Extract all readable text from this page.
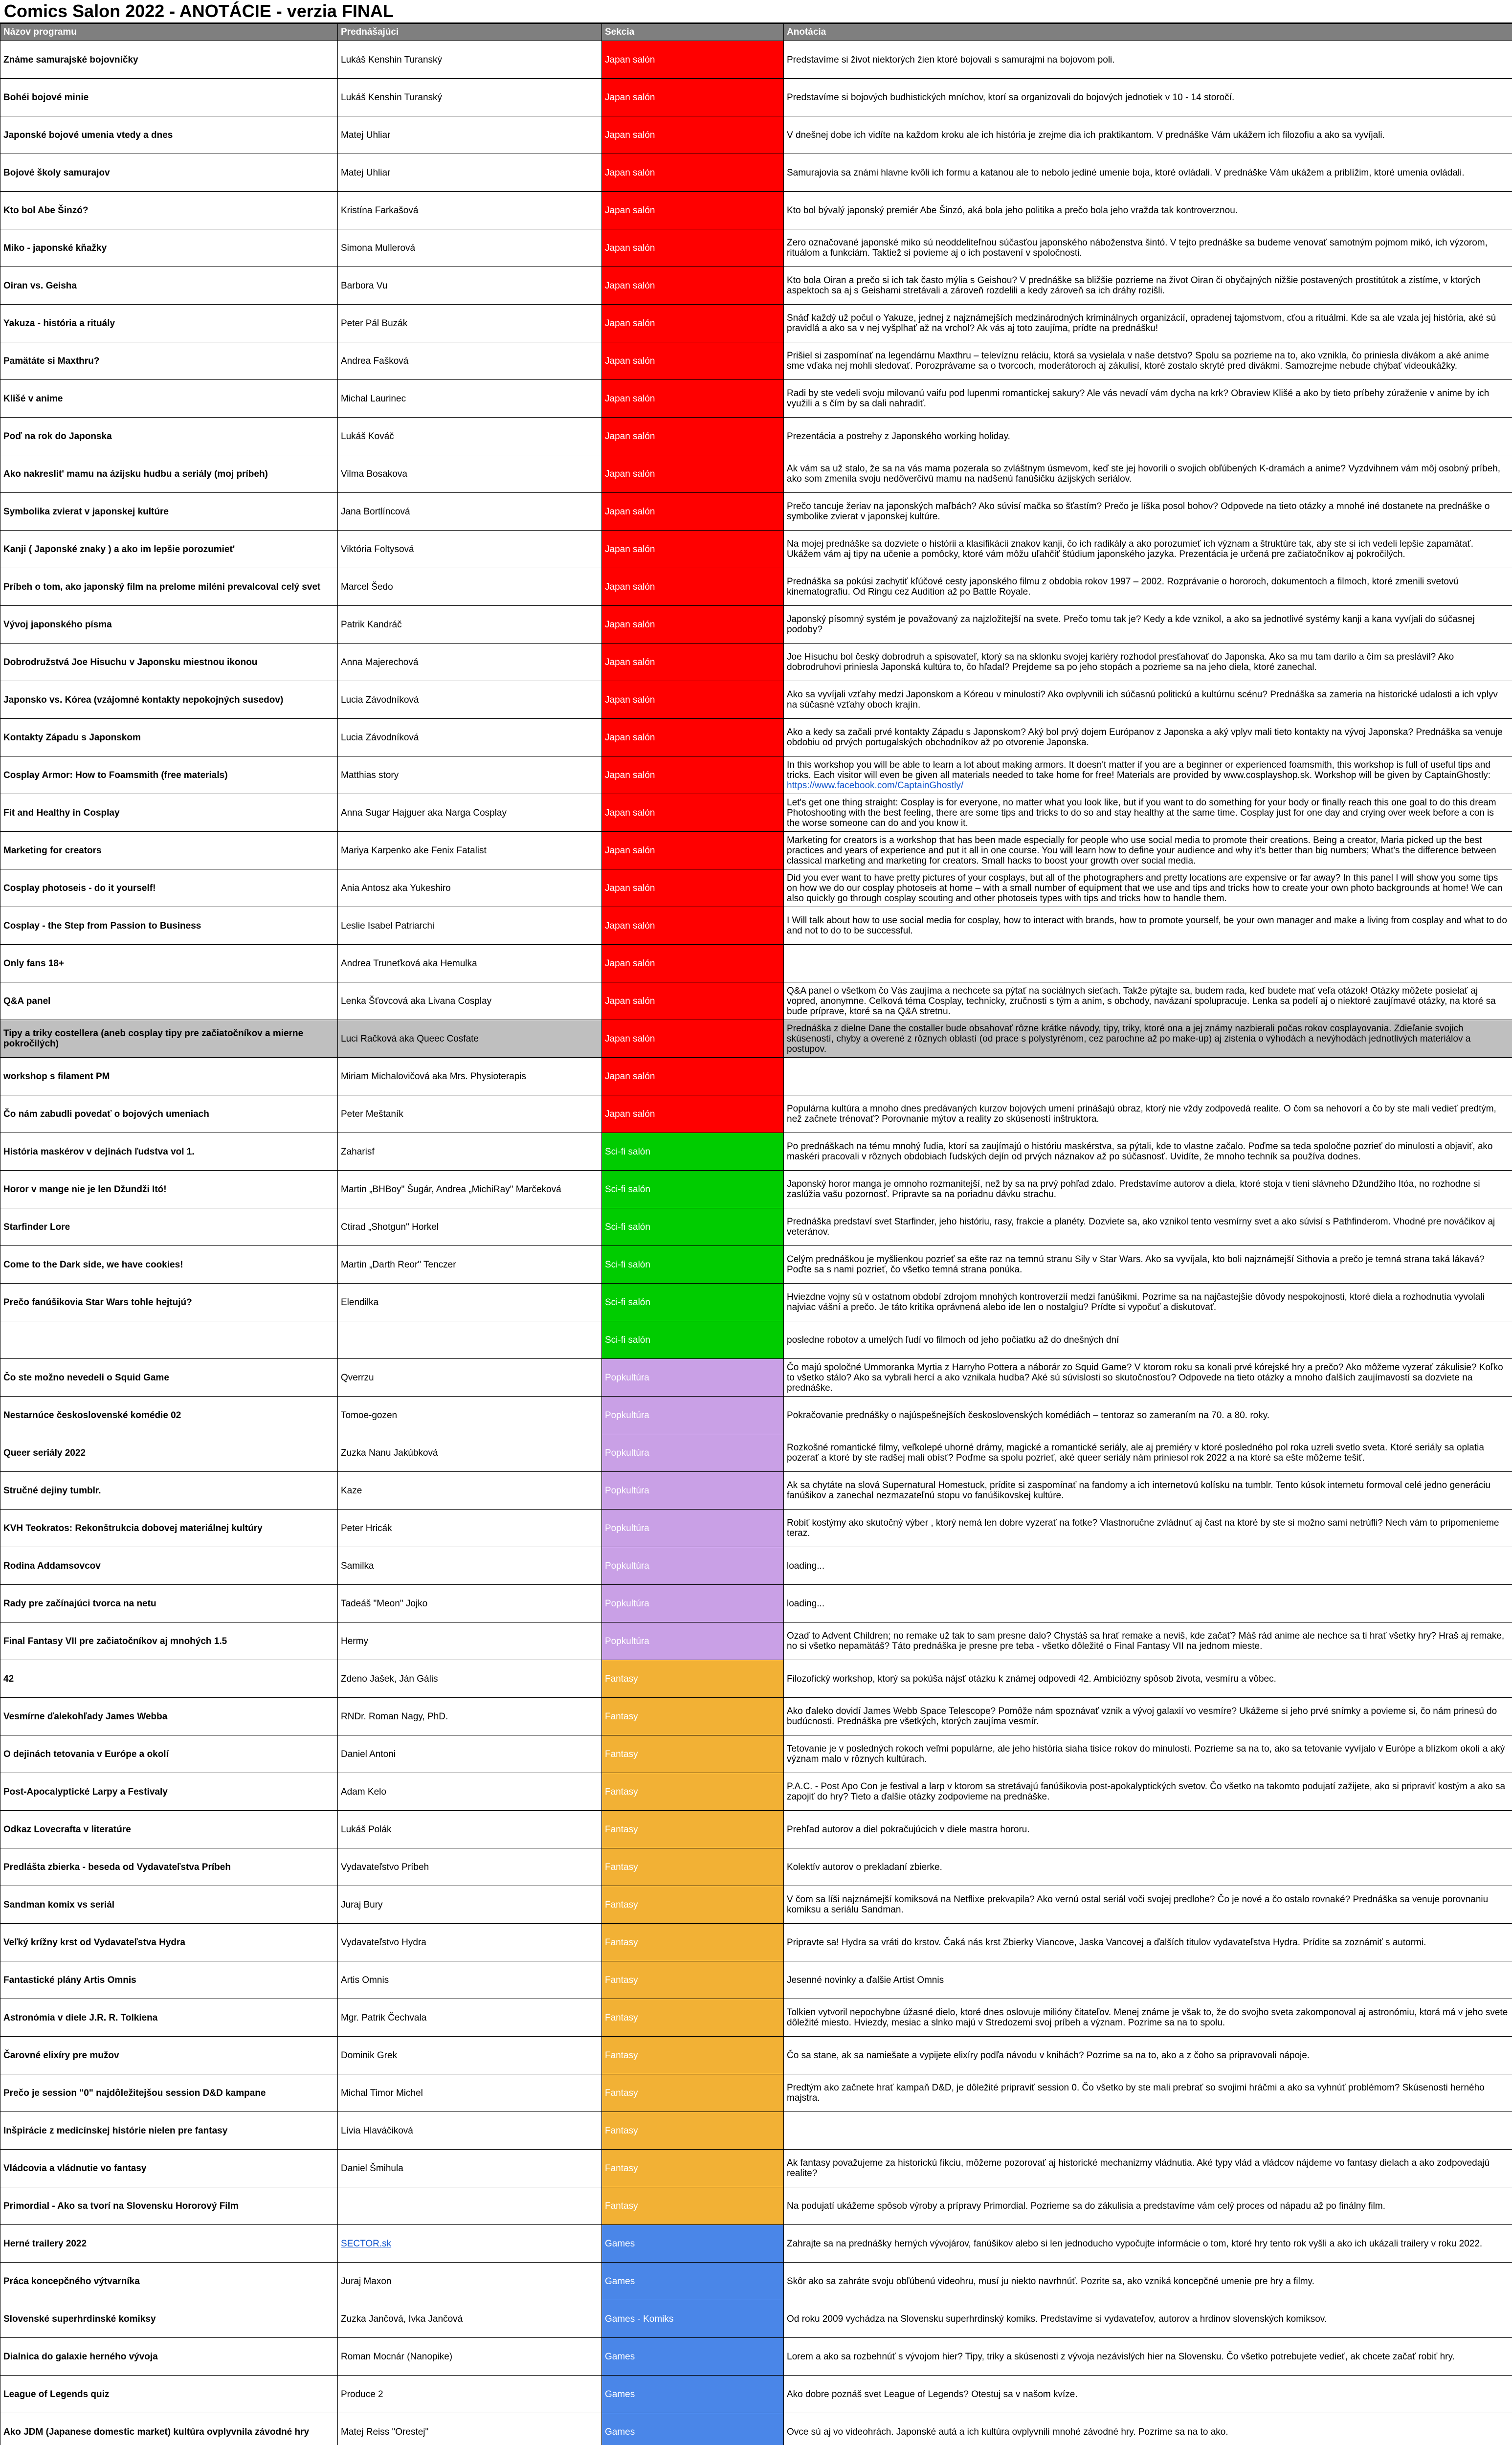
Comics Salon 2022 - ANOTÁCIE - verzia FINAL
Názov programu	Prednášajúci	Sekcia	Anotácia
Známe samurajské bojovníčky	Lukáš Kenshin Turanský	Japan salón	Predstavíme si život niektorých žien ktoré bojovali s samurajmi na bojovom poli.
Bohéi bojové minie	Lukáš Kenshin Turanský	Japan salón	Predstavíme si bojových budhistických mníchov, ktorí sa organizovali do bojových jednotiek v 10 - 14 storočí.
Japonské bojové umenia vtedy a dnes	Matej Uhliar	Japan salón	V dnešnej dobe ich vidíte na každom kroku ale ich história je zrejme dia ich praktikantom. V prednáške Vám ukážem ich filozofiu a ako sa vyvíjali.
Bojové školy samurajov	Matej Uhliar	Japan salón	Samurajovia sa známi hlavne kvôli ich formu a katanou ale to nebolo jediné umenie boja, ktoré ovládali. V prednáške Vám ukážem a priblížim, ktoré umenia ovládali.
Kto bol Abe Šinzó?	Kristína Farkašová	Japan salón	Kto bol bývalý japonský premiér Abe Šinzó, aká bola jeho politika a prečo bola jeho vražda tak kontroverznou.
Miko - japonské kňažky	Simona Mullerová	Japan salón	Zero označované japonské miko sú neoddeliteľnou súčasťou japonského náboženstva šintó. V tejto prednáške sa budeme venovať samotným pojmom mikó, ich výzorom, rituálom a funkciám. Taktiež si povieme aj o ich postavení v spoločnosti.
Oiran vs. Geisha	Barbora Vu	Japan salón	Kto bola Oiran a prečo si ich tak často mýlia s Geishou? V prednáške sa bližšie pozrieme na život Oiran či obyčajných nižšie postavených prostitútok a zistíme, v ktorých aspektoch sa aj s Geishami stretávali a zároveň rozdelili a kedy zároveň sa ich dráhy rozišli.
Yakuza - história a rituály	Peter Pál Buzák	Japan salón	Snáď každý už počul o Yakuze, jednej z najznámejších medzinárodných kriminálnych organizácií, opradenej tajomstvom, cťou a rituálmi. Kde sa ale vzala jej história, aké sú pravidlá a ako sa v nej vyšplhať až na vrchol? Ak vás aj toto zaujíma, prídte na prednášku!
Pamätáte si Maxthru?	Andrea Fašková	Japan salón	Prišiel si zaspomínať na legendárnu Maxthru – televíznu reláciu, ktorá sa vysielala v naše detstvo? Spolu sa pozrieme na to, ako vznikla, čo priniesla divákom a aké anime sme vďaka nej mohli sledovať. Porozprávame sa o tvorcoch, moderátoroch aj zákulisí, ktoré zostalo skryté pred divákmi. Samozrejme nebude chýbať videoukážky.
Klišé v anime	Michal Laurinec	Japan salón	Radi by ste vedeli svoju milovanú vaifu pod lupenmi romantickej sakury? Ale vás nevadí vám dycha na krk? Obraview Klišé a ako by tieto príbehy zúraženie v anime by ich využili a s čím by sa dali nahradiť.
Poď na rok do Japonska	Lukáš Kováč	Japan salón	Prezentácia a postrehy z Japonského working holiday.
Ako nakreslit' mamu na ázijsku hudbu a seriály (moj príbeh)	Vilma Bosakova	Japan salón	Ak vám sa už stalo, že sa na vás mama pozerala so zvláštnym úsmevom, keď ste jej hovorili o svojich obľúbených K-dramách a anime? Vyzdvihnem vám môj osobný príbeh, ako som zmenila svoju nedôverčivú mamu na nadšenú fanúšičku ázijských seriálov.
Symbolika zvierat v japonskej kultúre	Jana Bortlíncová	Japan salón	Prečo tancuje žeriav na japonských maľbách? Ako súvisí mačka so šťastím? Prečo je líška posol bohov? Odpovede na tieto otázky a mnohé iné dostanete na prednáške o symbolike zvierat v japonskej kultúre.
Kanji ( Japonské znaky ) a ako im lepšie porozumiet'	Viktória Foltysová	Japan salón	Na mojej prednáške sa dozviete o histórii a klasifikácii znakov kanji, čo ich radikály a ako porozumieť ich význam a štruktúre tak, aby ste si ich vedeli lepšie zapamätať. Ukážem vám aj tipy na učenie a pomôcky, ktoré vám môžu uľahčiť štúdium japonského jazyka. Prezentácia je určená pre začiatočníkov aj pokročilých.
Príbeh o tom, ako japonský film na prelome miléni prevalcoval celý svet	Marcel Šedo	Japan salón	Prednáška sa pokúsi zachytiť kľúčové cesty japonského filmu z obdobia rokov 1997 – 2002. Rozprávanie o hororoch, dokumentoch a filmoch, ktoré zmenili svetovú kinematografiu. Od Ringu cez Audition až po Battle Royale.
Vývoj japonského písma	Patrik Kandráč	Japan salón	Japonský písomný systém je považovaný za najzložitejší na svete. Prečo tomu tak je? Kedy a kde vznikol, a ako sa jednotlivé systémy kanji a kana vyvíjali do súčasnej podoby?
Dobrodružstvá Joe Hisuchu v Japonsku miestnou ikonou	Anna Majerechová	Japan salón	Joe Hisuchu bol český dobrodruh a spisovateľ, ktorý sa na sklonku svojej kariéry rozhodol presťahovať do Japonska. Ako sa mu tam darilo a čím sa preslávil? Ako dobrodruhovi priniesla Japonská kultúra to, čo hľadal? Prejdeme sa po jeho stopách a pozrieme sa na jeho diela, ktoré zanechal.
Japonsko vs. Kórea (vzájomné kontakty nepokojných susedov)	Lucia Závodníková	Japan salón	Ako sa vyvíjali vzťahy medzi Japonskom a Kóreou v minulosti? Ako ovplyvnili ich súčasnú politickú a kultúrnu scénu? Prednáška sa zameria na historické udalosti a ich vplyv na súčasné vzťahy oboch krajín.
Kontakty Západu s Japonskom	Lucia Závodníková	Japan salón	Ako a kedy sa začali prvé kontakty Západu s Japonskom? Aký bol prvý dojem Európanov z Japonska a aký vplyv mali tieto kontakty na vývoj Japonska? Prednáška sa venuje obdobiu od prvých portugalských obchodníkov až po otvorenie Japonska.
Cosplay Armor: How to Foamsmith (free materials)	Matthias story	Japan salón	In this workshop you will be able to learn a lot about making armors. It doesn't matter if you are a beginner or experienced foamsmith, this workshop is full of useful tips and tricks. Each visitor will even be given all materials needed to take home for free! Materials are provided by www.cosplayshop.sk. Workshop will be given by CaptainGhostly: https://www.facebook.com/CaptainGhostly/
Fit and Healthy in Cosplay	Anna Sugar Hajguer aka Narga Cosplay	Japan salón	Let's get one thing straight: Cosplay is for everyone, no matter what you look like, but if you want to do something for your body or finally reach this one goal to do this dream Photoshooting with the best feeling, there are some tips and tricks to do so and stay healthy at the same time. Cosplay just for one day and crying over week before a con is the worse someone can do and you know it.
Marketing for creators	Mariya Karpenko ake Fenix Fatalist	Japan salón	Marketing for creators is a workshop that has been made especially for people who use social media to promote their creations. Being a creator, Maria picked up the best practices and years of experience and put it all in one course. You will learn how to define your audience and why it's better than big numbers; What's the difference between classical marketing and marketing for creators. Small hacks to boost your growth over social media.
Cosplay photoseis - do it yourself!	Ania Antosz aka Yukeshiro	Japan salón	Did you ever want to have pretty pictures of your cosplays, but all of the photographers and pretty locations are expensive or far away? In this panel I will show you some tips on how we do our cosplay photoseis at home – with a small number of equipment that we use and tips and tricks how to create your own photo backgrounds at home! We can also quickly go through cosplay scouting and other photoseis types with tips and tricks how to handle them.
Cosplay - the Step from Passion to Business	Leslie Isabel Patriarchi	Japan salón	I Will talk about how to use social media for cosplay, how to interact with brands, how to promote yourself, be your own manager and make a living from cosplay and what to do and not to do to be successful.
Only fans 18+	Andrea Truneťková aka Hemulka	Japan salón	
Q&A panel	Lenka Šťovcová aka Livana Cosplay	Japan salón	Q&A panel o všetkom čo Vás zaujíma a nechcete sa pýtať na sociálnych sieťach. Takže pýtajte sa, budem rada, keď budete mať veľa otázok! Otázky môžete posielať aj vopred, anonymne. Celková téma Cosplay, technicky, zručnosti s tým a anim, s obchody, navázaní spolupracuje. Lenka sa podelí aj o niektoré zaujímavé otázky, na ktoré sa bude príprave, ktoré sa na Q&A stretnu.
Tipy a triky costellera (aneb cosplay tipy pre začiatočníkov a mierne pokročilých)	Luci Račková aka Queec Cosfate	Japan salón	Prednáška z dielne Dane the costaller bude obsahovať rôzne krátke návody, tipy, triky, ktoré ona a jej známy nazbierali počas rokov cosplayovania. Zdieľanie svojich skúseností, chyby a overené z rôznych oblastí (od prace s polystyrénom, cez parochne až po make-up) aj zistenia o výhodách a nevýhodách jednotlivých materiálov a postupov.
workshop s filament PM	Miriam Michalovičová aka Mrs. Physioterapis	Japan salón	
Čo nám zabudli povedať o bojových umeniach	Peter Meštaník	Japan salón	Populárna kultúra a mnoho dnes predávaných kurzov bojových umení prinášajú obraz, ktorý nie vždy zodpovedá realite. O čom sa nehovorí a čo by ste mali vedieť predtým, než začnete trénovať? Porovnanie mýtov a reality zo skúseností inštruktora.
História maskérov v dejinách ľudstva vol 1.	Zaharisf	Sci-fi salón	Po prednáškach na tému mnohý ľudia, ktorí sa zaujímajú o históriu maskérstva, sa pýtali, kde to vlastne začalo. Poďme sa teda spoločne pozrieť do minulosti a objaviť, ako maskéri pracovali v rôznych obdobiach ľudských dejín od prvých náznakov až po súčasnosť. Uvidíte, že mnoho techník sa používa dodnes.
Horor v mange nie je len Džundži Itó!	Martin „BHBoy" Šugár, Andrea „MichiRay" Marčeková	Sci-fi salón	Japonský horor manga je omnoho rozmanitejší, než by sa na prvý pohľad zdalo. Predstavíme autorov a diela, ktoré stoja v tieni slávneho Džundžiho Itóa, no rozhodne si zaslúžia vašu pozornosť. Pripravte sa na poriadnu dávku strachu.
Starfinder Lore	Ctirad „Shotgun" Horkel	Sci-fi salón	Prednáška predstaví svet Starfinder, jeho históriu, rasy, frakcie a planéty. Dozviete sa, ako vznikol tento vesmírny svet a ako súvisí s Pathfinderom. Vhodné pre nováčikov aj veteránov.
Come to the Dark side, we have cookies!	Martin „Darth Reor" Tenczer	Sci-fi salón	Celým prednáškou je myšlienkou pozrieť sa ešte raz na temnú stranu Sily v Star Wars. Ako sa vyvíjala, kto boli najznámejší Sithovia a prečo je temná strana taká lákavá? Poďte sa s nami pozrieť, čo všetko temná strana ponúka.
Prečo fanúšikovia Star Wars tohle hejtujú?	Elendilka	Sci-fi salón	Hviezdne vojny sú v ostatnom období zdrojom mnohých kontroverzií medzi fanúšikmi. Pozrime sa na najčastejšie dôvody nespokojnosti, ktoré diela a rozhodnutia vyvolali najviac vášní a prečo. Je táto kritika oprávnená alebo ide len o nostalgiu? Prídte si vypočuť a diskutovať.
		Sci-fi salón	posledne robotov a umelých ľudí vo filmoch od jeho počiatku až do dnešných dní
Čo ste možno nevedeli o Squid Game	Qverrzu	Popkultúra	Čo majú spoločné Ummoranka Myrtia z Harryho Pottera a náborár zo Squid Game? V ktorom roku sa konali prvé kórejské hry a prečo? Ako môžeme vyzerať zákulisie? Koľko to všetko stálo? Ako sa vybrali hercí a ako vznikala hudba? Aké sú súvislosti so skutočnosťou? Odpovede na tieto otázky a mnoho ďalších zaujímavostí sa dozviete na prednáške.
Nestarnúce československé komédie 02	Tomoe-gozen	Popkultúra	Pokračovanie prednášky o najúspešnejších československých komédiách – tentoraz so zameraním na 70. a 80. roky.
Queer seriály 2022	Zuzka Nanu Jakúbková	Popkultúra	Rozkošné romantické filmy, veľkolepé uhorné drámy, magické a romantické seriály, ale aj premiéry v ktoré posledného pol roka uzreli svetlo sveta. Ktoré seriály sa oplatia pozerať a ktoré by ste radšej mali obísť? Poďme sa spolu pozrieť, aké queer seriály nám priniesol rok 2022 a na ktoré sa ešte môžeme tešiť.
Stručné dejiny tumblr.	Kaze	Popkultúra	Ak sa chytáte na slová Supernatural Homestuck, prídite si zaspomínať na fandomy a ich internetovú kolísku na tumblr. Tento kúsok internetu formoval celé jedno generáciu fanúšikov a zanechal nezmazateľnú stopu vo fanúšikovskej kultúre.
KVH Teokratos: Rekonštrukcia dobovej materiálnej kultúry	Peter Hricák	Popkultúra	Robiť kostýmy ako skutočný výber , ktorý nemá len dobre vyzerať na fotke? Vlastnoručne zvládnuť aj čast na ktoré by ste si možno sami netrúfli? Nech vám to pripomenieme teraz.
Rodina Addamsovcov	Samilka	Popkultúra	loading...
Rady pre začínajúci tvorca na netu	Tadeáš "Meon" Jojko	Popkultúra	loading...
Final Fantasy VII pre začiatočníkov aj mnohých 1.5	Hermy	Popkultúra	Ozaď to Advent Children; no remake už tak to sam presne dalo? Chystáš sa hrať remake a neviš, kde začať? Máš rád anime ale nechce sa ti hrať všetky hry? Hraš aj remake, no si všetko nepamätáš? Táto prednáška je presne pre teba - všetko dôležité o Final Fantasy VII na jednom mieste.
42	Zdeno Jašek, Ján Gális	Fantasy	Filozofický workshop, ktorý sa pokúša nájsť otázku k známej odpovedi 42. Ambiciózny spôsob života, vesmíru a vôbec.
Vesmírne ďalekohľady James Webba	RNDr. Roman Nagy, PhD.	Fantasy	Ako ďaleko dovidí James Webb Space Telescope? Pomôže nám spoznávať vznik a vývoj galaxií vo vesmíre? Ukážeme si jeho prvé snímky a povieme si, čo nám prinesú do budúcnosti. Prednáška pre všetkých, ktorých zaujíma vesmír.
O dejinách tetovania v Európe a okolí	Daniel Antoni	Fantasy	Tetovanie je v posledných rokoch veľmi populárne, ale jeho história siaha tisíce rokov do minulosti. Pozrieme sa na to, ako sa tetovanie vyvíjalo v Európe a blízkom okolí a aký význam malo v rôznych kultúrach.
Post-Apocalyptické Larpy a Festivaly	Adam Kelo	Fantasy	P.A.C. - Post Apo Con je festival a larp v ktorom sa stretávajú fanúšikovia post-apokalyptických svetov. Čo všetko na takomto podujatí zažijete, ako si pripraviť kostým a ako sa zapojiť do hry? Tieto a ďalšie otázky zodpovieme na prednáške.
Odkaz Lovecrafta v literatúre	Lukáš Polák	Fantasy	Prehľad autorov a diel pokračujúcich v diele mastra hororu.
Predlášta zbierka - beseda od Vydavateľstva Príbeh	Vydavateľstvo Príbeh	Fantasy	Kolektív autorov o prekladaní zbierke.
Sandman komix vs seriál	Juraj Bury	Fantasy	V čom sa líši najznámejší komiksová na Netflixe prekvapila? Ako vernú ostal seriál voči svojej predlohe? Čo je nové a čo ostalo rovnaké? Prednáška sa venuje porovnaniu komiksu a seriálu Sandman.
Veľký krížny krst od Vydavateľstva Hydra	Vydavateľstvo Hydra	Fantasy	Pripravte sa! Hydra sa vráti do krstov. Čaká nás krst Zbierky Viancove, Jaska Vancovej a ďalších titulov vydavateľstva Hydra. Prídite sa zoznámiť s autormi.
Fantastické plány Artis Omnis	Artis Omnis	Fantasy	Jesenné novinky a ďalšie Artist Omnis
Astronómia v diele J.R. R. Tolkiena	Mgr. Patrik Čechvala	Fantasy	Tolkien vytvoril nepochybne úžasné dielo, ktoré dnes oslovuje milióny čitateľov. Menej známe je však to, že do svojho sveta zakomponoval aj astronómiu, ktorá má v jeho svete dôležité miesto. Hviezdy, mesiac a slnko majú v Stredozemi svoj príbeh a význam. Pozrime sa na to spolu.
Čarovné elixíry pre mužov	Dominik Grek	Fantasy	Čo sa stane, ak sa namiešate a vypijete elixíry podľa návodu v knihách? Pozrime sa na to, ako a z čoho sa pripravovali nápoje.
Prečo je session "0" najdôležitejšou session D&D kampane	Michal Timor Michel	Fantasy	Predtým ako začnete hrať kampaň D&D, je dôležité pripraviť session 0. Čo všetko by ste mali prebrať so svojimi hráčmi a ako sa vyhnúť problémom? Skúsenosti herného majstra.
Inšpirácie z medicínskej histórie nielen pre fantasy	Lívia Hlaváčiková	Fantasy	
Vládcovia a vládnutie vo fantasy	Daniel Šmihula	Fantasy	Ak fantasy považujeme za historickú fikciu, môžeme pozorovať aj historické mechanizmy vládnutia. Aké typy vlád a vládcov nájdeme vo fantasy dielach a ako zodpovedajú realite?
Primordial - Ako sa tvorí na Slovensku Hororový Film		Fantasy	Na podujatí ukážeme spôsob výroby a prípravy Primordial. Pozrieme sa do zákulisia a predstavíme vám celý proces od nápadu až po finálny film.
Herné trailery 2022	SECTOR.sk	Games	Zahrajte sa na prednášky herných vývojárov, fanúšikov alebo si len jednoducho vypočujte informácie o tom, ktoré hry tento rok vyšli a ako ich ukázali trailery v roku 2022.
Práca koncepčného výtvarníka	Juraj Maxon	Games	Skôr ako sa zahráte svoju obľúbenú videohru, musí ju niekto navrhnúť. Pozrite sa, ako vzniká koncepčné umenie pre hry a filmy.
Slovenské superhrdinské komiksy	Zuzka Jančová, Ivka Jančová	Games - Komiks	Od roku 2009 vychádza na Slovensku superhrdinský komiks. Predstavíme si vydavateľov, autorov a hrdinov slovenských komiksov.
Dialnica do galaxie herného vývoja	Roman Mocnár (Nanopike)	Games	Lorem a ako sa rozbehnúť s vývojom hier? Tipy, triky a skúsenosti z vývoja nezávislých hier na Slovensku. Čo všetko potrebujete vedieť, ak chcete začať robiť hry.
League of Legends quiz	Produce 2	Games	Ako dobre poznáš svet League of Legends? Otestuj sa v našom kvíze.
Ako JDM (Japanese domestic market) kultúra ovplyvnila závodné hry	Matej Reiss "Orestej"	Games	Ovce sú aj vo videohrách. Japonské autá a ich kultúra ovplyvnili mnohé závodné hry. Pozrime sa na to ako.
